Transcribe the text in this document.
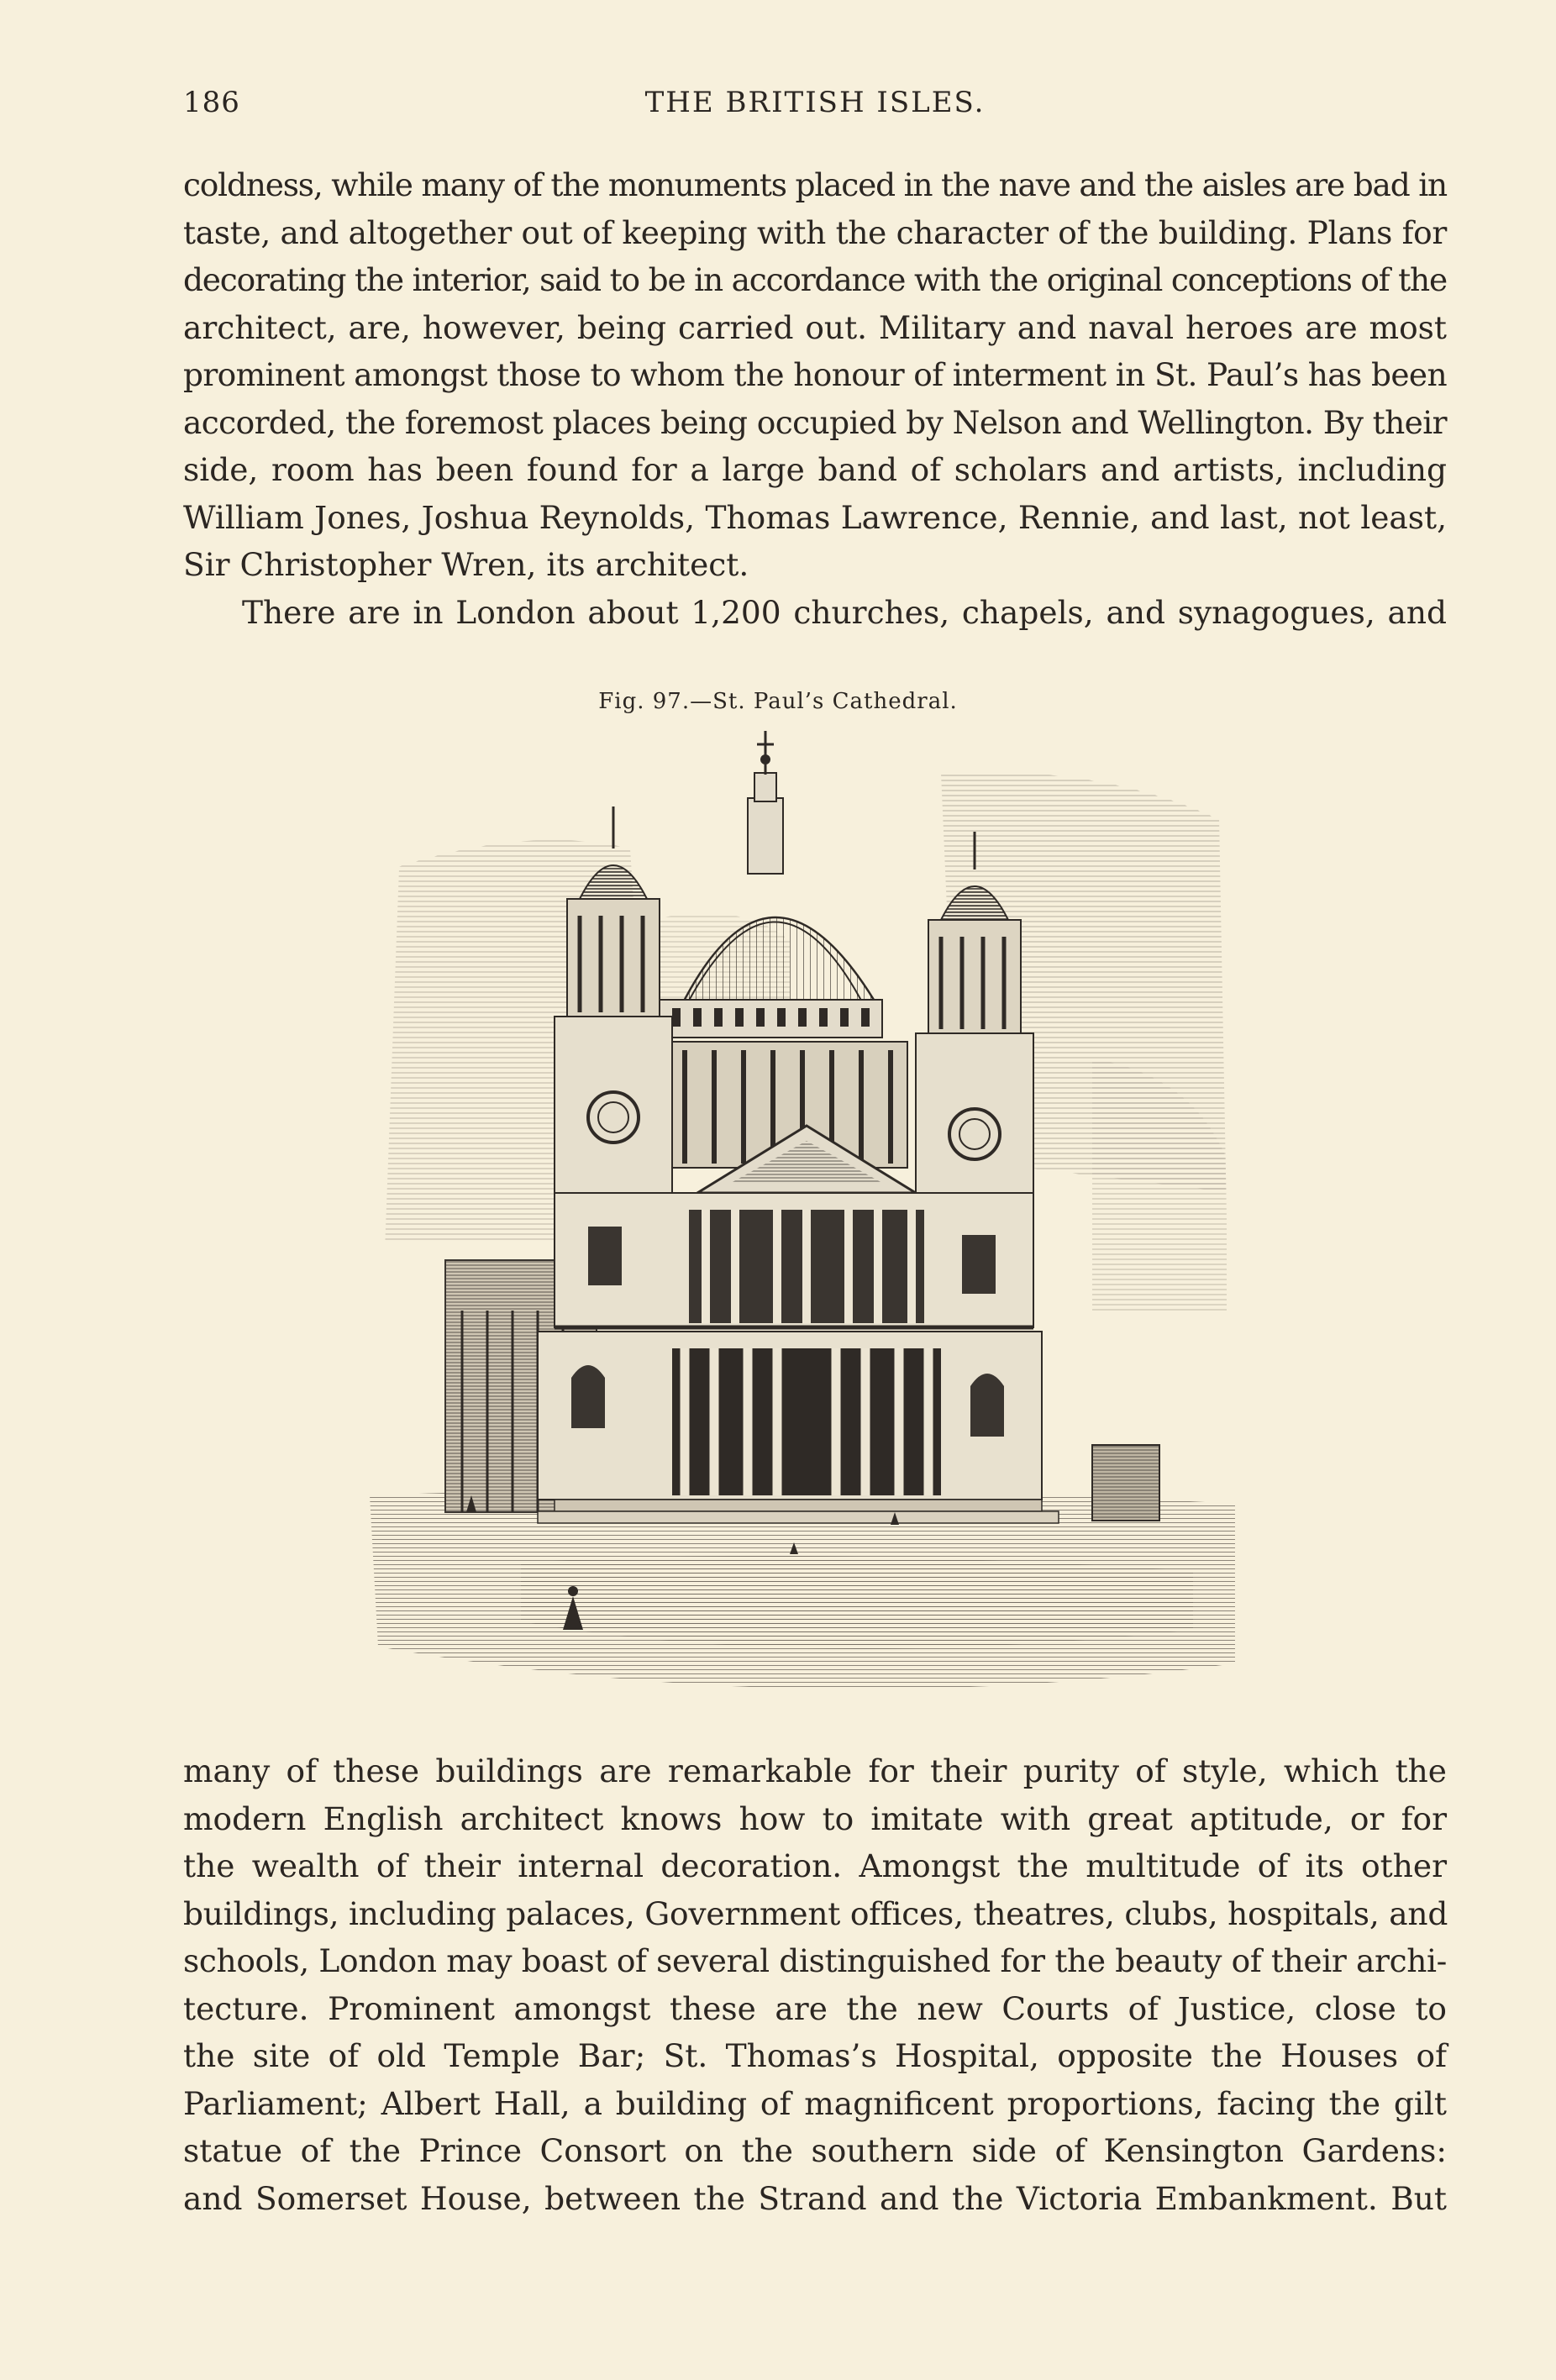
186	THE BRITISH ISLES.
coldness, while many of the monuments placed in the nave and the aisles are bad in
taste, and altogether out of keeping with the character of the building. Plans for
decorating the interior, said to be in accordance with the original conceptions of the
architect, are, however, being carried out. Military and naval heroes are most
prominent amongst those to whom the honour of interment in St. Paul’s has been
accorded, the foremost places being occupied by Nelson and Wellington. By their
side, room has been found for a large band of scholars and artists, including
William Jones, Joshua Reynolds, Thomas Lawrence, Rennie, and last, not least,
Sir Christopher Wren, its architect.
There are in London about 1,200 churches, chapels, and synagogues, and
Fig. 97.—St. Paul’s Cathedral.
many of these buildings are remarkable for their purity of style, which the
modern English architect knows how to imitate with great aptitude, or for
the wealth of their internal decoration. Amongst the multitude of its other
buildings, including palaces, Government offices, theatres, clubs, hospitals, and
schools, London may boast of several distinguished for the beauty of their archi-
tecture. Prominent amongst these are the new Courts of Justice, close to
the site of old Temple Bar; St. Thomas’s Hospital, opposite the Houses of
Parliament; Albert Hall, a building of magnificent proportions, facing the gilt
statue of the Prince Consort on the southern side of Kensington Gardens:
and Somerset House, between the Strand and the Victoria Embankment. But
